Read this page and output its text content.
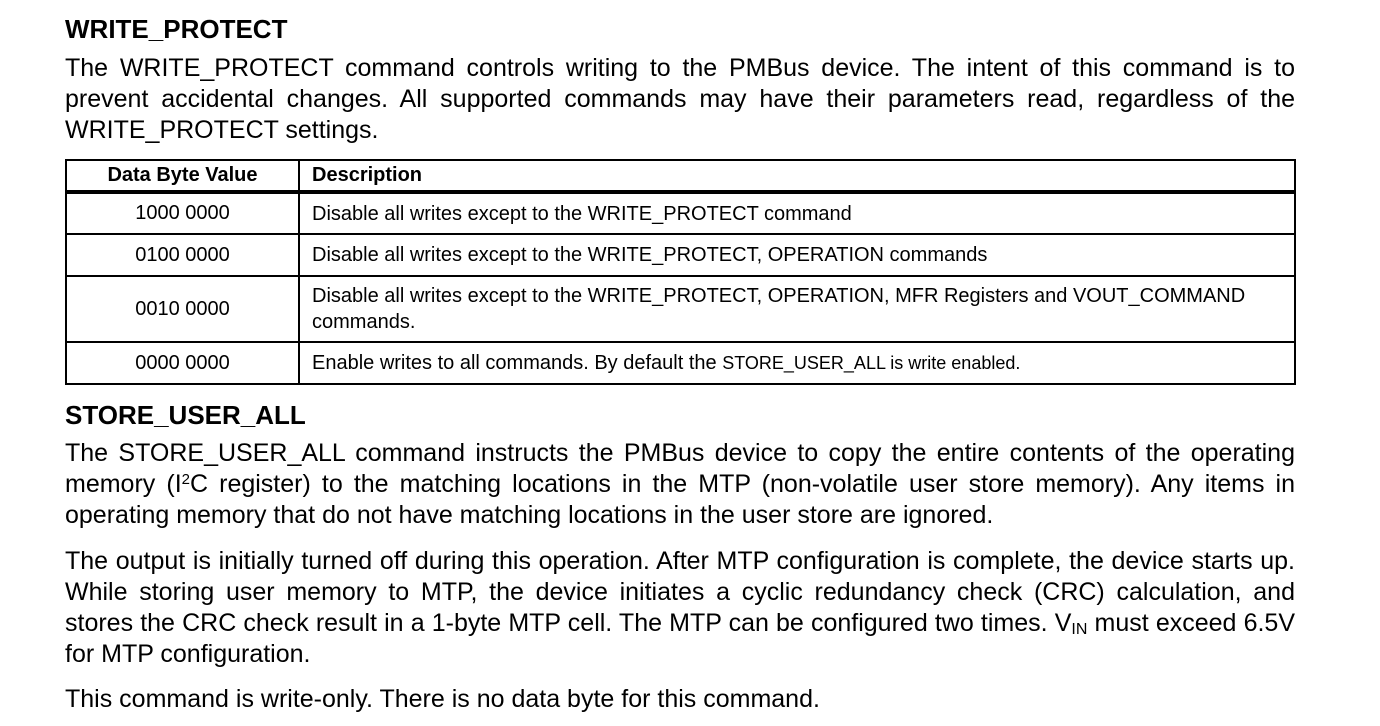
WRITE_PROTECT

The WRITE_PROTECT command controls writing to the PMBus device. The intent of this command is to prevent accidental changes. All supported commands may have their parameters read, regardless of the WRITE_PROTECT settings.

Data Byte Value	Description
1000 0000	Disable all writes except to the WRITE_PROTECT command
0100 0000	Disable all writes except to the WRITE_PROTECT, OPERATION commands
0010 0000	Disable all writes except to the WRITE_PROTECT, OPERATION, MFR Registers and VOUT_COMMAND commands.
0000 0000	Enable writes to all commands. By default the STORE_USER_ALL is write enabled.
STORE_USER_ALL

The STORE_USER_ALL command instructs the PMBus device to copy the entire contents of the operating memory ($I^2C$ register) to the matching locations in the MTP (non-volatile user store memory). Any items in operating memory that do not have matching locations in the user store are ignored.

The output is initially turned off during this operation. After MTP configuration is complete, the device starts up. While storing user memory to MTP, the device initiates a cyclic redundancy check (CRC) calculation, and stores the CRC check result in a 1-byte MTP cell. The MTP can be configured two times. $V_{IN}$ must exceed 6.5V for MTP configuration.

This command is write-only. There is no data byte for this command.
